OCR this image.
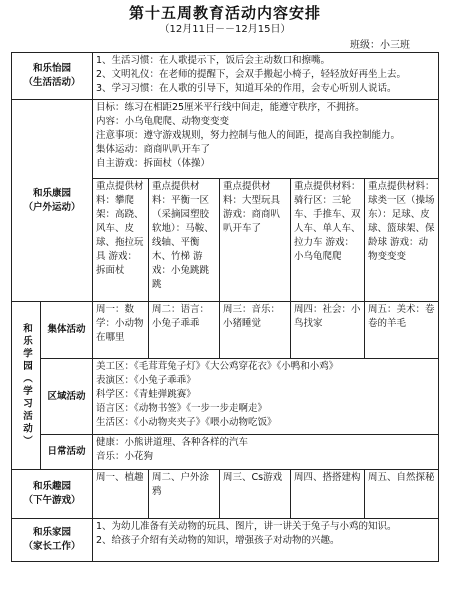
第十五周教育活动内容安排
（12月11日－－12月15日）
班级：小三班
和乐怡园
（生活活动）		1、生活习惯：在人歌提示下，饭后会主动数口和擦嘴。
2、文明礼仪：在老师的提醒下，会双手搬起小椅子，轻轻放好再坐上去。
3、学习习惯：在人歌的引导下，知道耳朵的作用，会专心听别人说话。				

和乐康园
（户外运动）		目标：练习在相距25厘米平行线中间走，能遵守秩序，不拥挤。
内容：小乌龟爬爬、动物变变变
注意事项：遵守游戏规则，努力控制与他人的间距，提高自我控制能力。
集体运动：商商叭叭开车了
自主游戏：拆面杖（体操）				

		重点提供材料：攀爬架：高跷、风车、皮球、拖拉玩具 游戏：拆面杖	重点提供材料：平衡一区（采摘园塑胶软地）：马鞍、线轴、平衡木、竹梯 游戏：小兔跳跳跳	重点提供材料：大型玩具 游戏：商商叭叭开车了	重点提供材料：骑行区：三轮车、手推车、双人车、单人车、拉力车 游戏：小乌龟爬爬	重点提供材料：球类一区（操场东）：足球、皮球、篮球架、保龄球 游戏：动物变变变
和乐学园（学习活动）	集体活动	周一：数学：小动物在哪里	周二：语言：小兔子乖乖	周三：音乐：小猪睡觉	周四：社会：小鸟找家	周五：美术：卷卷的羊毛
	区域活动	美工区：《毛茸茸兔子灯》《大公鸡穿花衣》《小鸭和小鸡》
表演区：《小兔子乖乖》
科学区：《青蛙弹跳赛》
语言区：《动物书签》《一步一步走啊走》
生活区：《小动物夹夹子》《喂小动物吃饭》				

	日常活动	健康：小熊讲道理、各种各样的汽车
音乐：小花狗				

和乐趣园
（下午游戏）		周一、植趣	周二、户外涂鸦	周三、Cs游戏	周四、搭搭建构	周五、自然探秘

和乐家园
（家长工作）		1、为幼儿准备有关动物的玩具、图片，讲一讲关于兔子与小鸡的知识。
2、给孩子介绍有关动物的知识，增强孩子对动物的兴趣。				
